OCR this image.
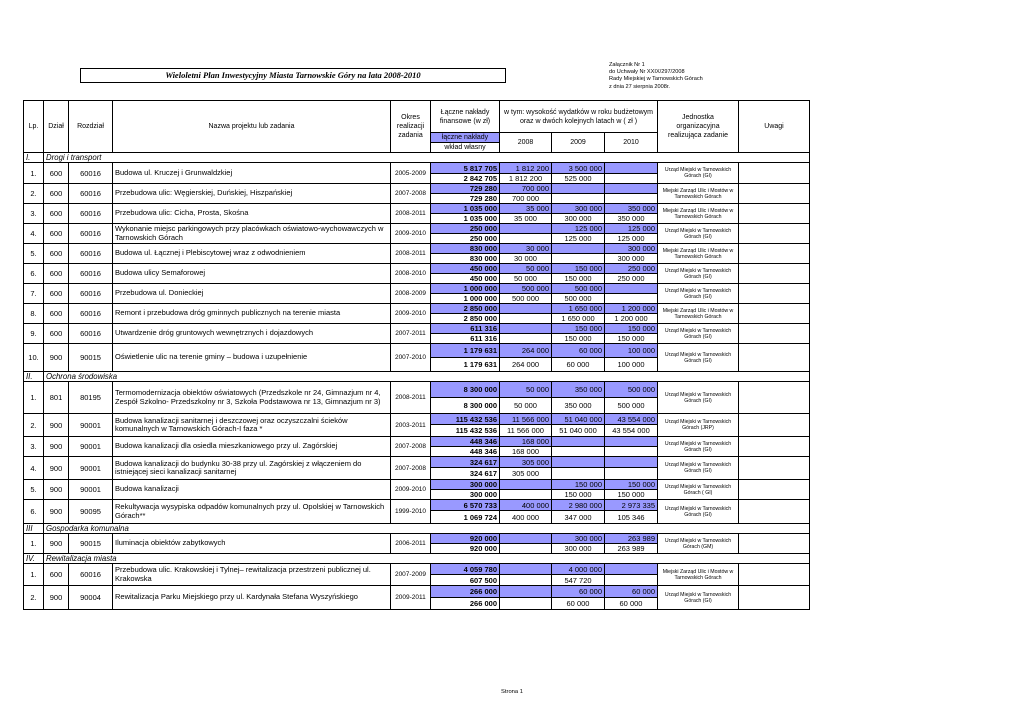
Wieloletni Plan Inwestycyjny Miasta Tarnowskie Góry na lata 2008-2010
Załącznik Nr 1
do Uchwały Nr XXIX/297/2008
Rady Miejskiej w Tarnowskich Górach
z dnia 27 sierpnia 2008r.
Lp.	Dział	Rozdział	Nazwa projektu lub zadania	Okres realizacji zadania	Łączne nakłady finansowe (w zł)	w tym: wysokość wydatków w roku budżetowym oraz w dwóch kolejnych latach w ( zł )			Jednostka organizacyjna realizująca zadanie	Uwagi
					łączne nakłady	2008	2009	2010		
					wkład własny					
I.	Drogi i transport									
1.	600	60016	Budowa ul. Kruczej i Grunwaldzkiej	2005-2009	5 817 705	1 812 200	3 500 000		Urząd Miejski w Tarnowskich Górach (GI)	
					2 842 705	1 812 200	525 000			
2.	600	60016	Przebudowa ulic: Węgierskiej, Duńskiej, Hiszpańskiej	2007-2008	729 280	700 000			Miejski Zarząd Ulic i Mostów w Tarnowskich Górach	
					729 280	700 000				
3.	600	60016	Przebudowa ulic: Cicha, Prosta, Skośna	2008-2011	1 035 000	35 000	300 000	350 000	Miejski Zarząd Ulic i Mostów w Tarnowskich Górach	
					1 035 000	35 000	300 000	350 000		
4.	600	60016	Wykonanie miejsc parkingowych przy placówkach oświatowo-wychowawczych w Tarnowskich Górach	2009-2010	250 000		125 000	125 000	Urząd Miejski w Tarnowskich Górach (GI)	
					250 000		125 000	125 000		
5.	600	60016	Budowa ul. Łącznej i Plebiscytowej wraz z odwodnieniem	2008-2011	830 000	30 000		300 000	Miejski Zarząd Ulic i Mostów w Tarnowskich Górach	
					830 000	30 000		300 000		
6.	600	60016	Budowa ulicy Semaforowej	2008-2010	450 000	50 000	150 000	250 000	Urząd Miejski w Tarnowskich Górach (GI)	
					450 000	50 000	150 000	250 000		
7.	600	60016	Przebudowa ul. Donieckiej	2008-2009	1 000 000	500 000	500 000		Urząd Miejski w Tarnowskich Górach (GI)	
					1 000 000	500 000	500 000			
8.	600	60016	Remont i przebudowa dróg gminnych publicznych na terenie miasta	2009-2010	2 850 000		1 650 000	1 200 000	Miejski Zarząd Ulic i Mostów w Tarnowskich Górach	
					2 850 000		1 650 000	1 200 000		
9.	600	60016	Utwardzenie dróg gruntowych wewnętrznych i dojazdowych	2007-2011	611 316		150 000	150 000	Urząd Miejski w Tarnowskich Górach (GI)	
					611 316		150 000	150 000		
10.	900	90015	Oświetlenie ulic na terenie gminy – budowa i uzupełnienie	2007-2010	1 179 631	264 000	60 000	100 000	Urząd Miejski w Tarnowskich Górach (GI)	
					1 179 631	264 000	60 000	100 000		
II.	Ochrona środowiska									
1.	801	80195	Termomodernizacja obiektów oświatowych (Przedszkole nr 24, Gimnazjum nr 4, Zespół Szkolno- Przedszkolny nr 3, Szkoła Podstawowa nr 13, Gimnazjum nr 3)	2008-2011	8 300 000	50 000	350 000	500 000	Urząd Miejski w Tarnowskich Górach (GI)	
					8 300 000	50 000	350 000	500 000		
2.	900	90001	Budowa kanalizacji sanitarnej i deszczowej oraz oczyszczalni ścieków komunalnych w Tarnowskich Górach-I faza *	2003-2011	115 432 536	11 566 000	51 040 000	43 554 000	Urząd Miejski w Tarnowskich Górach (JRP)	
					115 432 536	11 566 000	51 040 000	43 554 000		
3.	900	90001	Budowa kanalizacji dla osiedla mieszkaniowego przy ul. Zagórskiej	2007-2008	448 346	168 000			Urząd Miejski w Tarnowskich Górach (GI)	
					448 346	168 000				
4.	900	90001	Budowa kanalizacji do budynku 30-38 przy ul. Zagórskiej z włączeniem do istniejącej sieci kanalizacji sanitarnej	2007-2008	324 617	305 000			Urząd Miejski w Tarnowskich Górach (GI)	
					324 617	305 000				
5.	900	90001	Budowa kanalizacji	2009-2010	300 000		150 000	150 000	Urząd Miejski w Tarnowskich Górach ( GI)	
					300 000		150 000	150 000		
6.	900	90095	Rekultywacja wysypiska odpadów komunalnych przy ul. Opolskiej w Tarnowskich Górach**	1999-2010	6 570 733	400 000	2 980 000	2 973 335	Urząd Miejski w Tarnowskich Górach (GI)	
					1 069 724	400 000	347 000	105 346		
III	Gospodarka komunalna									
1.	900	90015	Iluminacja obiektów zabytkowych	2006-2011	920 000		300 000	263 989	Urząd Miejski w Tarnowskich Górach (GM)	
					920 000		300 000	263 989		
IV.	Rewitalizacja miasta									
1.	600	60016	Przebudowa ulic. Krakowskiej i Tylnej– rewitalizacja przestrzeni publicznej ul. Krakowska	2007-2009	4 059 780		4 000 000		Miejski Zarząd Ulic i Mostów w Tarnowskich Górach	
					607 500		547 720			
2.	900	90004	Rewitalizacja Parku Miejskiego przy ul. Kardynała Stefana Wyszyńskiego	2009-2011	266 000		60 000	60 000	Urząd Miejski w Tarnowskich Górach (GI)	
					266 000		60 000	60 000		
Strona 1
